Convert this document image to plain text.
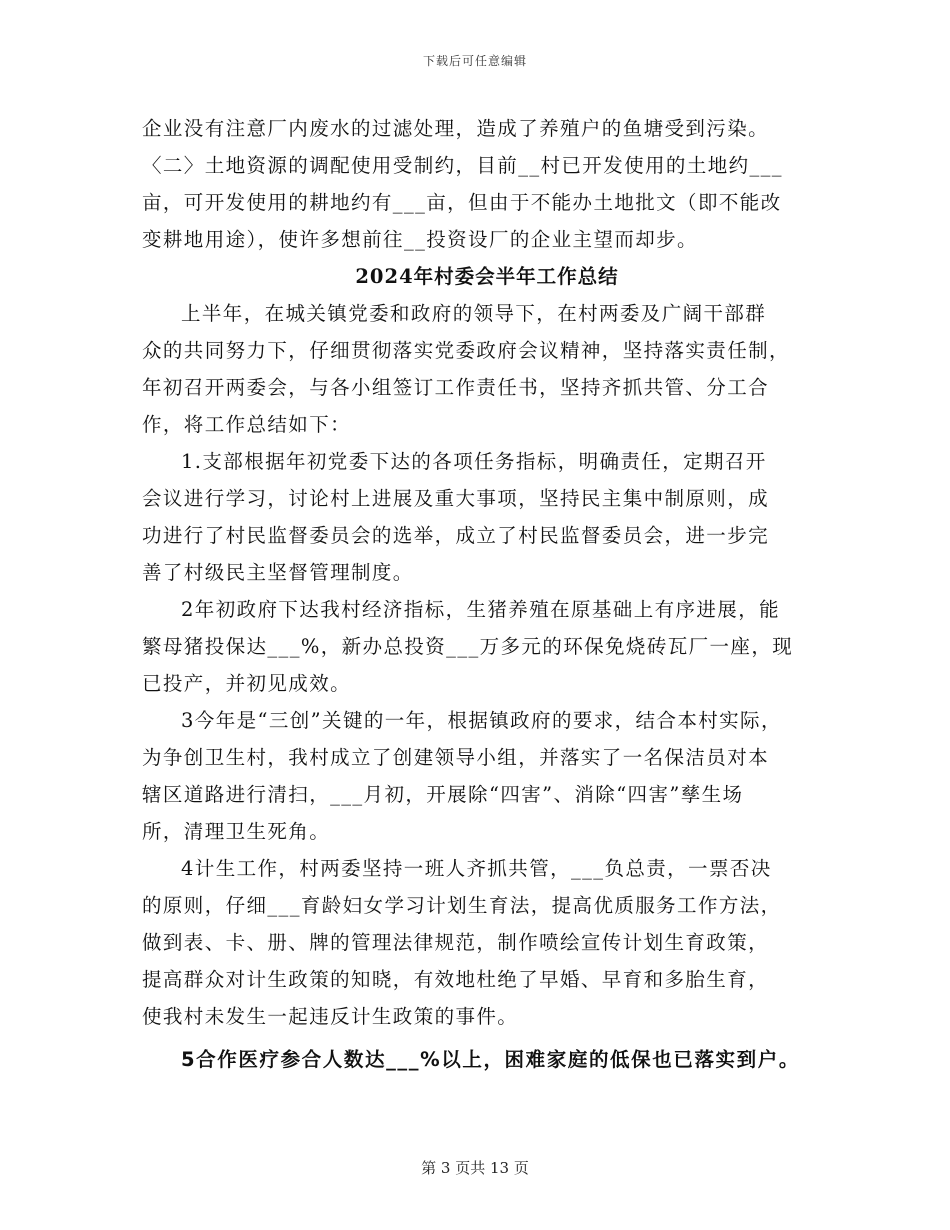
下载后可任意编辑
企业没有注意厂内废水的过滤处理，造成了养殖户的鱼塘受到污染。
〈二〉土地资源的调配使用受制约，目前__村已开发使用的土地约___
亩，可开发使用的耕地约有___亩，但由于不能办土地批文（即不能改
变耕地用途），使许多想前往__投资设厂的企业主望而却步。
2024年村委会半年工作总结
上半年，在城关镇党委和政府的领导下，在村两委及广阔干部群
众的共同努力下，仔细贯彻落实党委政府会议精神，坚持落实责任制，
年初召开两委会，与各小组签订工作责任书，坚持齐抓共管、分工合
作，将工作总结如下：
1.支部根据年初党委下达的各项任务指标，明确责任，定期召开
会议进行学习，讨论村上进展及重大事项，坚持民主集中制原则，成
功进行了村民监督委员会的选举，成立了村民监督委员会，进一步完
善了村级民主坚督管理制度。
2年初政府下达我村经济指标，生猪养殖在原基础上有序进展，能
繁母猪投保达___%，新办总投资___万多元的环保免烧砖瓦厂一座，现
已投产，并初见成效。
3今年是“三创”关键的一年，根据镇政府的要求，结合本村实际，
为争创卫生村，我村成立了创建领导小组，并落实了一名保洁员对本
辖区道路进行清扫，___月初，开展除“四害”、消除“四害”孳生场
所，清理卫生死角。
4计生工作，村两委坚持一班人齐抓共管，___负总责，一票否决
的原则，仔细___育龄妇女学习计划生育法，提高优质服务工作方法，
做到表、卡、册、牌的管理法律规范，制作喷绘宣传计划生育政策，
提高群众对计生政策的知晓，有效地杜绝了早婚、早育和多胎生育，
使我村未发生一起违反计生政策的事件。
5合作医疗参合人数达___%以上，困难家庭的低保也已落实到户。
第 3 页共 13 页
